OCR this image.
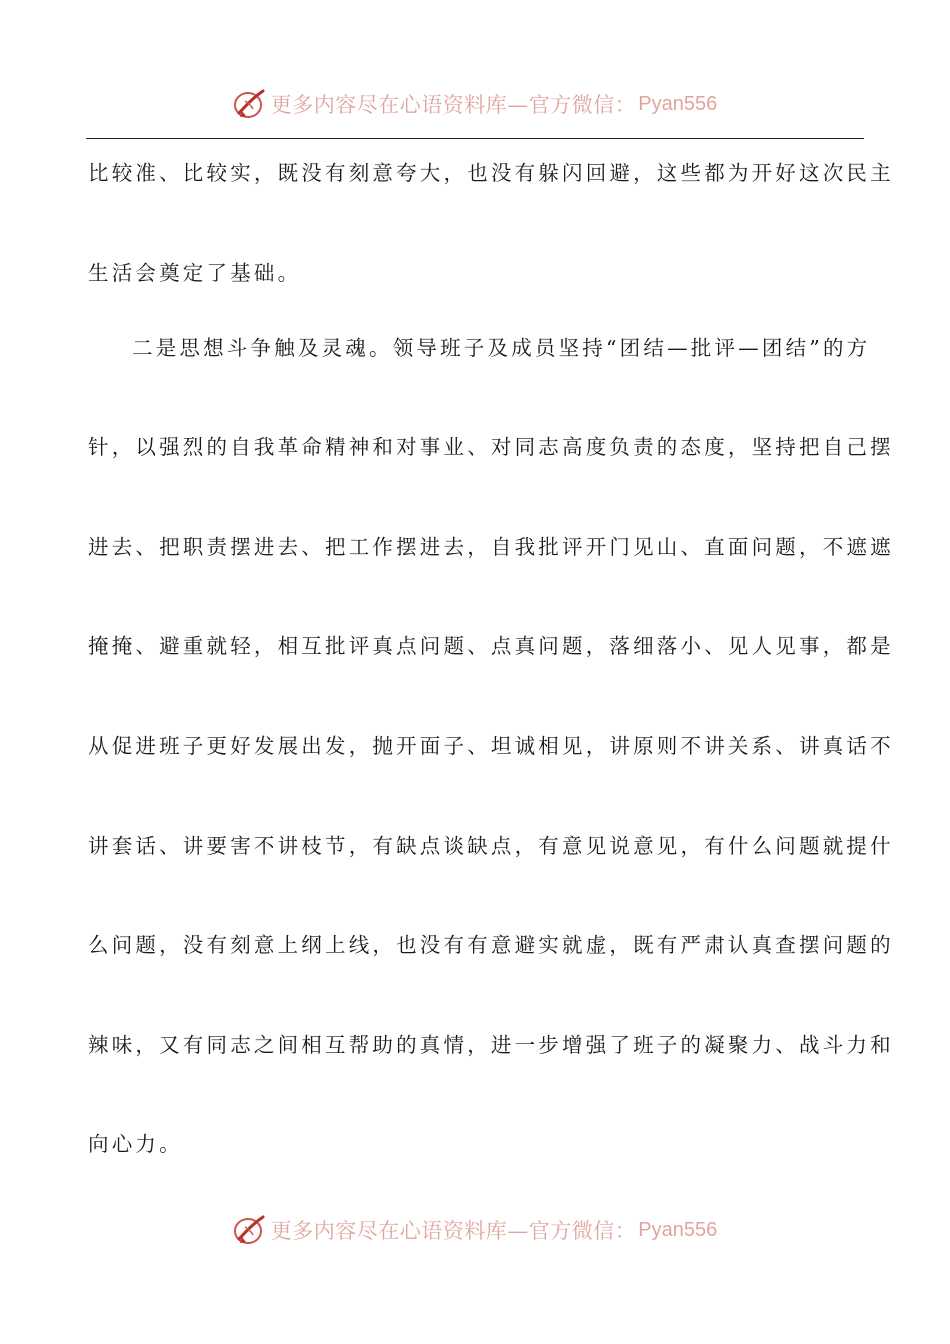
更多内容尽在心语资料库—官方微信： Pyan556
比较准、比较实，既没有刻意夸大，也没有躲闪回避，这些都为开好这次民主
生活会奠定了基础。
二是思想斗争触及灵魂。领导班子及成员坚持“团结—批评—团结”的方
针，以强烈的自我革命精神和对事业、对同志高度负责的态度，坚持把自己摆
进去、把职责摆进去、把工作摆进去，自我批评开门见山、直面问题，不遮遮
掩掩、避重就轻，相互批评真点问题、点真问题，落细落小、见人见事，都是
从促进班子更好发展出发，抛开面子、坦诚相见，讲原则不讲关系、讲真话不
讲套话、讲要害不讲枝节，有缺点谈缺点，有意见说意见，有什么问题就提什
么问题，没有刻意上纲上线，也没有有意避实就虚，既有严肃认真查摆问题的
辣味，又有同志之间相互帮助的真情，进一步增强了班子的凝聚力、战斗力和
向心力。
更多内容尽在心语资料库—官方微信： Pyan556
